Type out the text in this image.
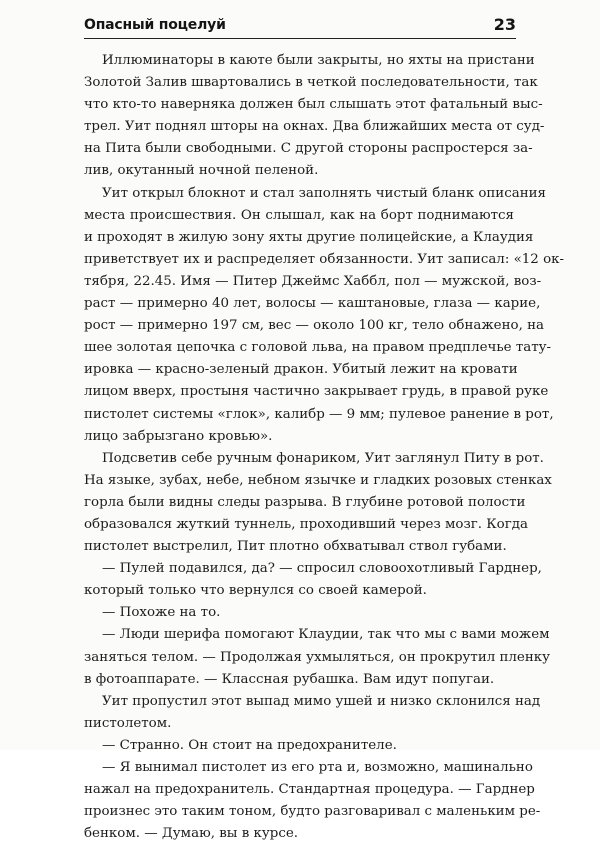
Опасный поцелуй	23
Иллюминаторы в каюте были закрыты, но яхты на пристани
Золотой Залив швартовались в четкой последовательности, так
что кто-то наверняка должен был слышать этот фатальный выс-
трел. Уит поднял шторы на окнах. Два ближайших места от суд-
на Пита были свободными. С другой стороны распростерся за-
лив, окутанный ночной пеленой.
Уит открыл блокнот и стал заполнять чистый бланк описания
места происшествия. Он слышал, как на борт поднимаются
и проходят в жилую зону яхты другие полицейские, а Клаудия
приветствует их и распределяет обязанности. Уит записал: «12 ок-
тября, 22.45. Имя — Питер Джеймс Хаббл, пол — мужской, воз-
раст — примерно 40 лет, волосы — каштановые, глаза — карие,
рост — примерно 197 см, вес — около 100 кг, тело обнажено, на
шее золотая цепочка с головой льва, на правом предплечье тату-
ировка — красно-зеленый дракон. Убитый лежит на кровати
лицом вверх, простыня частично закрывает грудь, в правой руке
пистолет системы «глок», калибр — 9 мм; пулевое ранение в рот,
лицо забрызгано кровью».
Подсветив себе ручным фонариком, Уит заглянул Питу в рот.
На языке, зубах, небе, небном язычке и гладких розовых стенках
горла были видны следы разрыва. В глубине ротовой полости
образовался жуткий туннель, проходивший через мозг. Когда
пистолет выстрелил, Пит плотно обхватывал ствол губами.
— Пулей подавился, да? — спросил словоохотливый Гарднер,
который только что вернулся со своей камерой.
— Похоже на то.
— Люди шерифа помогают Клаудии, так что мы с вами можем
заняться телом. — Продолжая ухмыляться, он прокрутил пленку
в фотоаппарате. — Классная рубашка. Вам идут попугаи.
Уит пропустил этот выпад мимо ушей и низко склонился над
пистолетом.
— Странно. Он стоит на предохранителе.
— Я вынимал пистолет из его рта и, возможно, машинально
нажал на предохранитель. Стандартная процедура. — Гарднер
произнес это таким тоном, будто разговаривал с маленьким ре-
бенком. — Думаю, вы в курсе.
